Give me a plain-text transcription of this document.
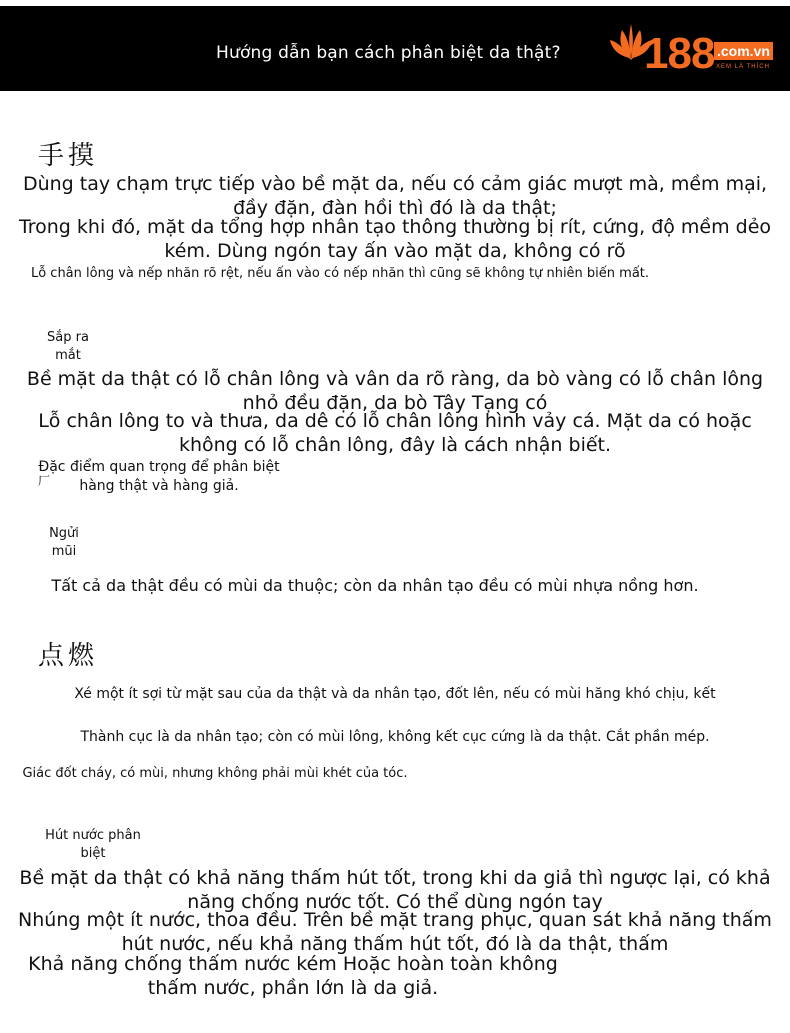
Hướng dẫn bạn cách phân biệt da thật? 188 .com.vn
XEM LÀ THÍCH
手摸
Dùng tay chạm trực tiếp vào bề mặt da, nếu có cảm giác mượt mà, mềm mại, đầy đặn, đàn hồi thì đó là da thật;
Trong khi đó, mặt da tổng hợp nhân tạo thông thường bị rít, cứng, độ mềm dẻo kém. Dùng ngón tay ấn vào mặt da, không có rõ
Lỗ chân lông và nếp nhăn rõ rệt, nếu ấn vào có nếp nhăn thì cũng sẽ không tự nhiên biến mất.
Sắp ra mắt
Bề mặt da thật có lỗ chân lông và vân da rõ ràng, da bò vàng có lỗ chân lông nhỏ đều đặn, da bò Tây Tạng có
Lỗ chân lông to và thưa, da dê có lỗ chân lông hình vảy cá. Mặt da có hoặc không có lỗ chân lông, đây là cách nhận biết.
Đặc điểm quan trọng để phân biệt hàng thật và hàng giả.
厂
Ngửi mũi
Tất cả da thật đều có mùi da thuộc; còn da nhân tạo đều có mùi nhựa nồng hơn.
点燃
Xé một ít sợi từ mặt sau của da thật và da nhân tạo, đốt lên, nếu có mùi hăng khó chịu, kết
Thành cục là da nhân tạo; còn có mùi lông, không kết cục cứng là da thật. Cắt phần mép.
Giác đốt cháy, có mùi, nhưng không phải mùi khét của tóc.
Hút nước phân biệt
Bề mặt da thật có khả năng thấm hút tốt, trong khi da giả thì ngược lại, có khả năng chống nước tốt. Có thể dùng ngón tay
Nhúng một ít nước, thoa đều. Trên bề mặt trang phục, quan sát khả năng thấm hút nước, nếu khả năng thấm hút tốt, đó là da thật, thấm
Khả năng chống thấm nước kém Hoặc hoàn toàn không thấm nước, phần lớn là da giả.
